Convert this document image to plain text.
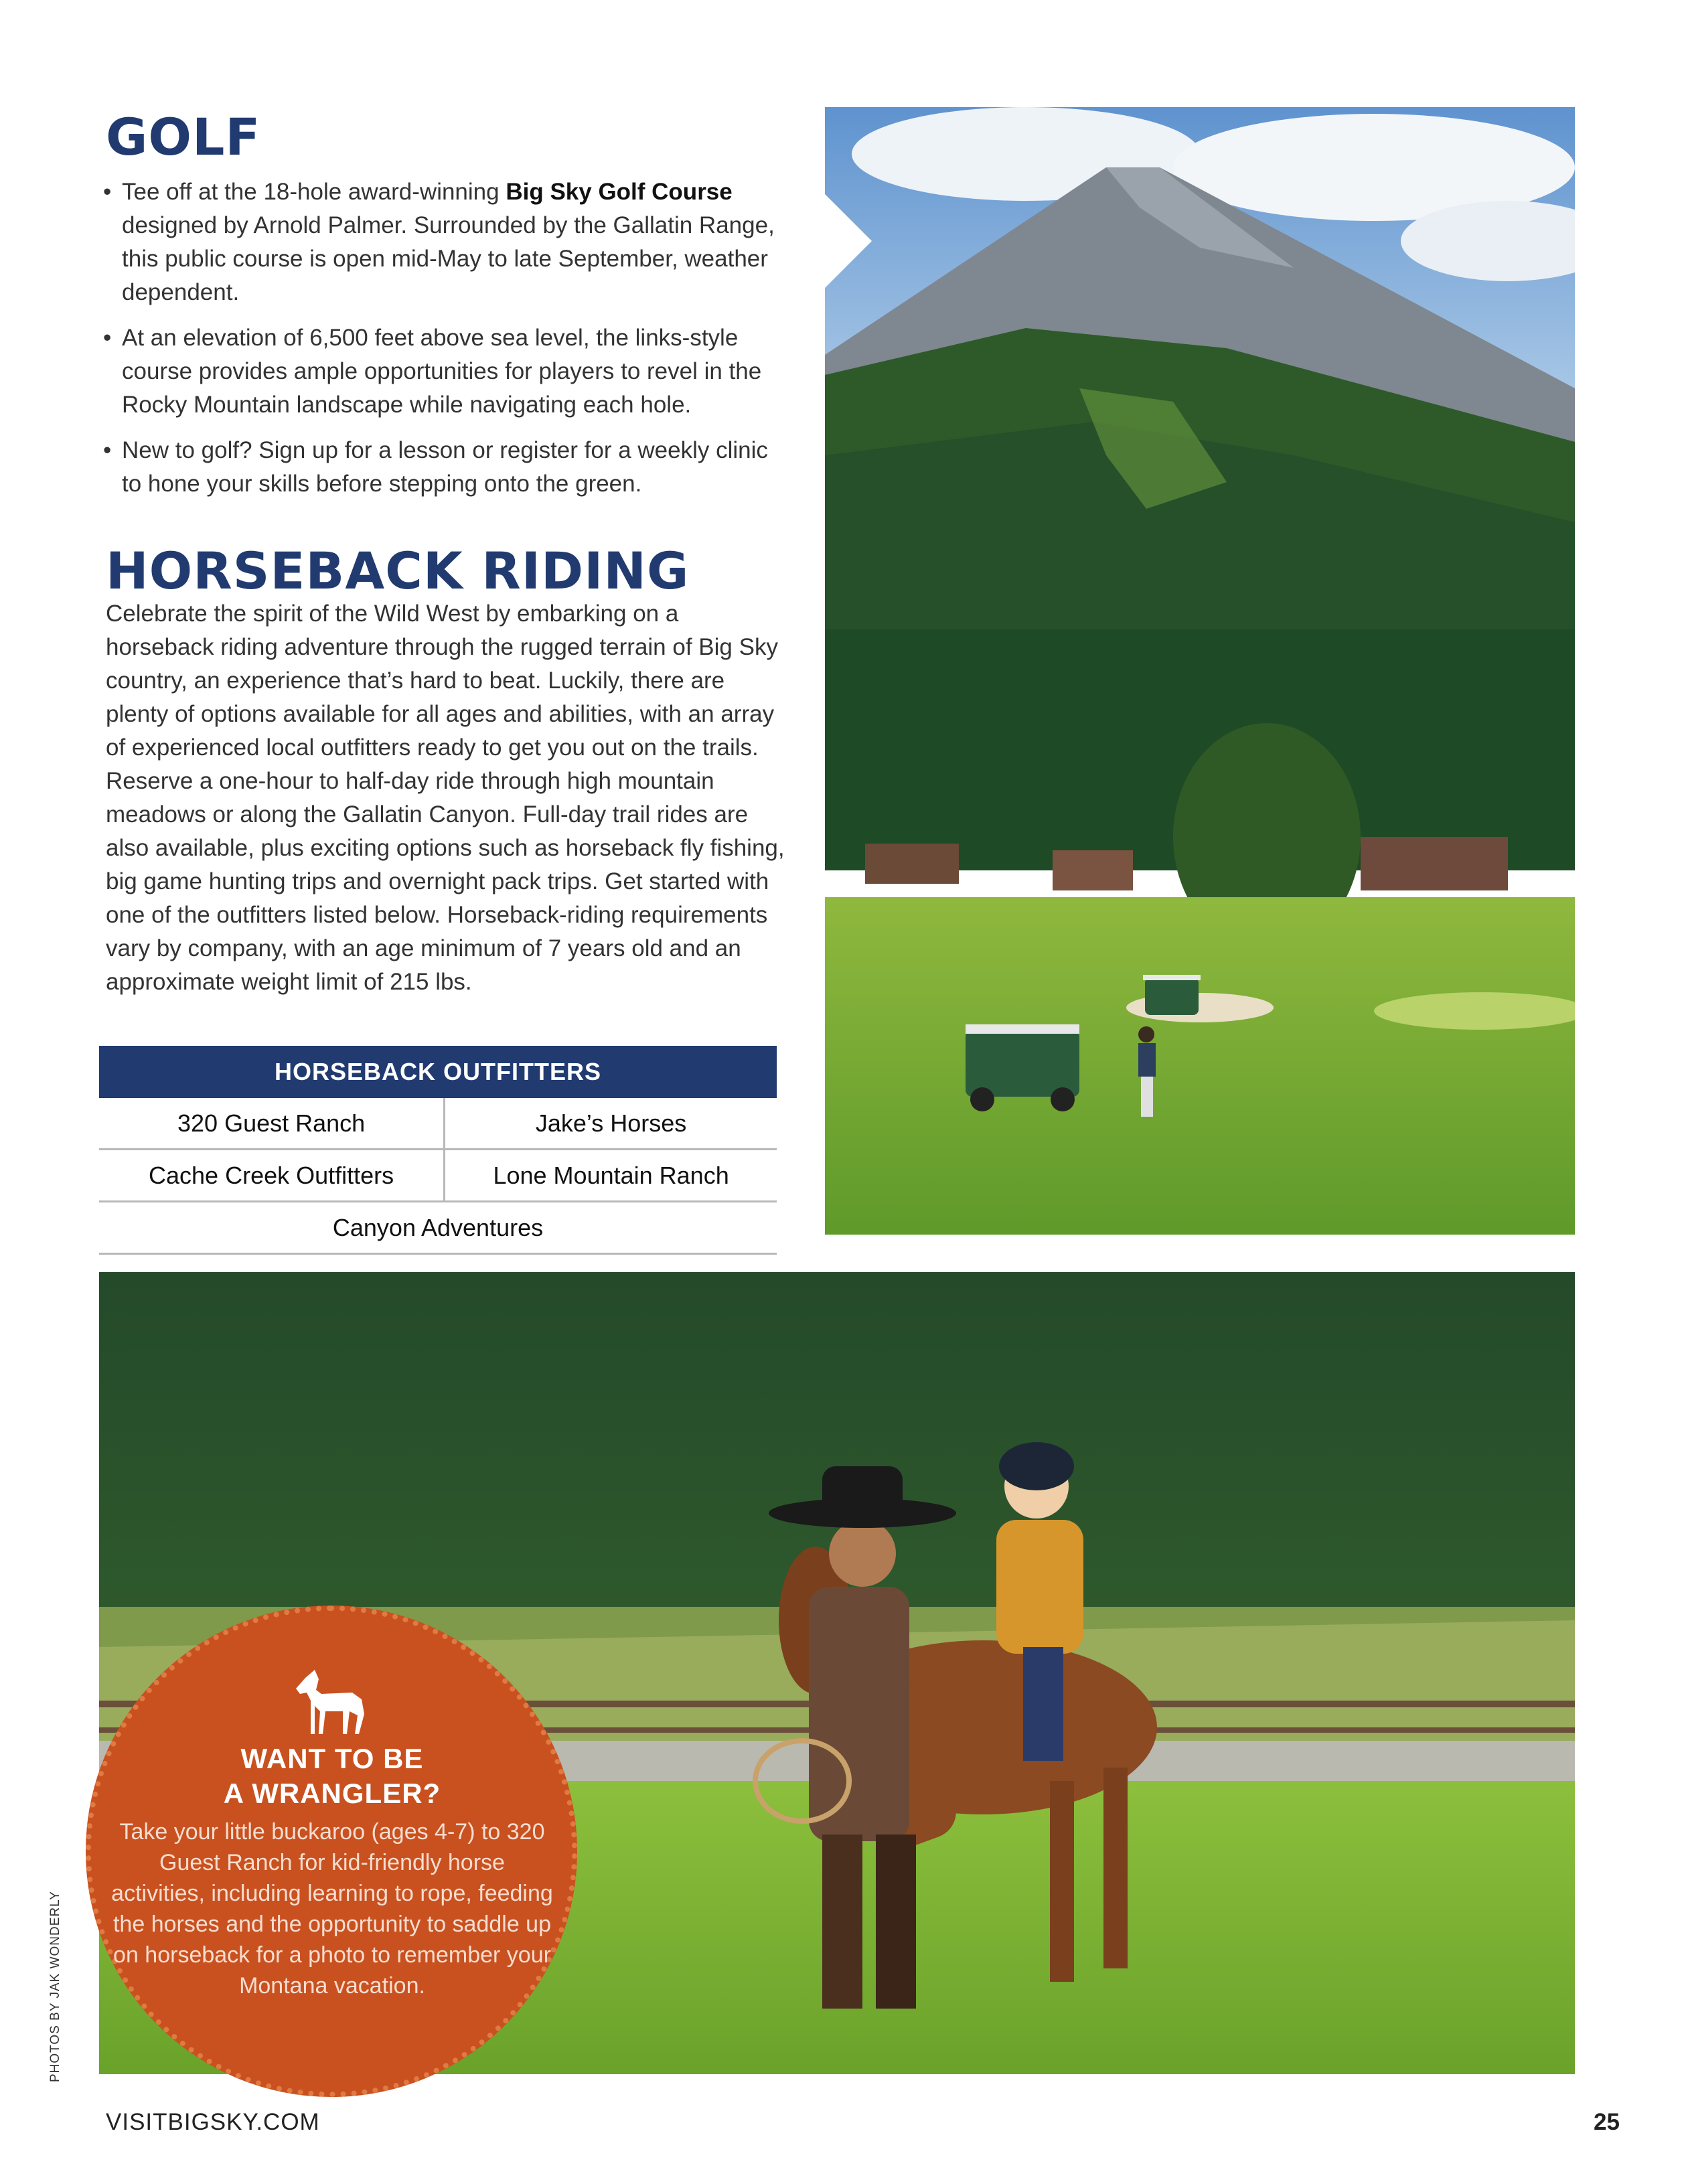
GOLF
• Tee off at the 18-hole award-winning Big Sky Golf Course designed by Arnold Palmer. Surrounded by the Gallatin Range, this public course is open mid-May to late September, weather dependent.
• At an elevation of 6,500 feet above sea level, the links-style course provides ample opportunities for players to revel in the Rocky Mountain landscape while navigating each hole.
• New to golf? Sign up for a lesson or register for a weekly clinic to hone your skills before stepping onto the green.
HORSEBACK RIDING

Celebrate the spirit of the Wild West by embarking on a horseback riding adventure through the rugged terrain of Big Sky country, an experience that’s hard to beat. Luckily, there are plenty of options available for all ages and abilities, with an array of experienced local outfitters ready to get you out on the trails. Reserve a one-hour to half-day ride through high mountain meadows or along the Gallatin Canyon. Full-day trail rides are also available, plus exciting options such as horseback fly fishing, big game hunting trips and overnight pack trips. Get started with one of the outfitters listed below. Horseback-riding requirements vary by company, with an age minimum of 7 years old and an approximate weight limit of 215 lbs.

HORSEBACK OUTFITTERS	
320 Guest Ranch	Jake’s Horses
Cache Creek Outfitters	Lone Mountain Ranch
Canyon Adventures	
WANT TO BE
A WRANGLER?
Take your little buckaroo (ages 4-7) to 320 Guest Ranch for kid-friendly horse activities, including learning to rope, feeding the horses and the opportunity to saddle up on horseback for a photo to remember your Montana vacation.
PHOTOS BY JAK WONDERLY
VISITBIGSKY.COM	25
